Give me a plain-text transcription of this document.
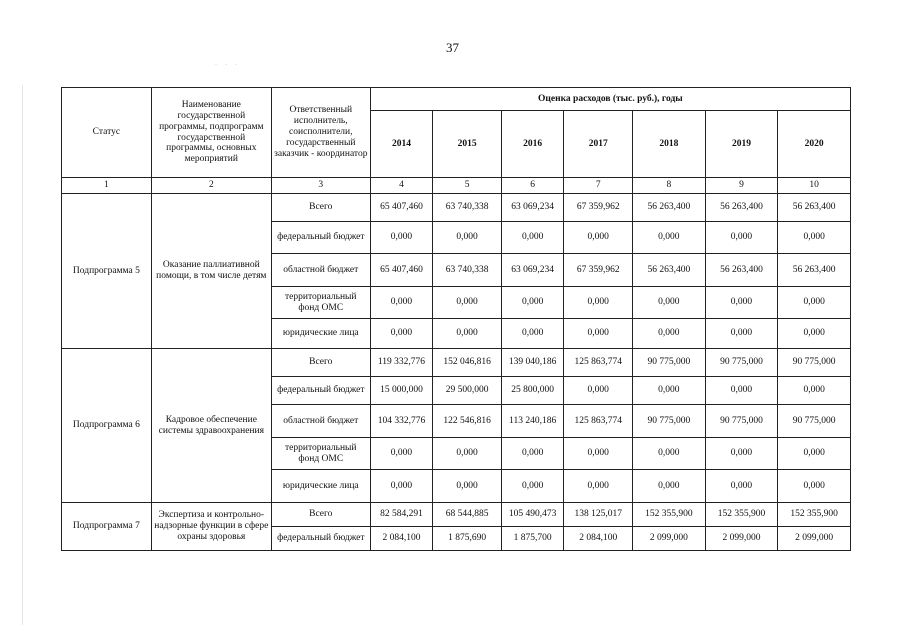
. . .
37
Статус	Наименование государственной программы, подпрограмм государственной программы, основных мероприятий	Ответственный исполнитель, соисполнители, государственный заказчик - координатор	Оценка расходов (тыс. руб.), годы						
			2014	2015	2016	2017	2018	2019	2020
1	2	3	4	5	6	7	8	9	10
Подпрограмма 5	Оказание паллиативной помощи, в том числе детям	Всего	65 407,460	63 740,338	63 069,234	67 359,962	56 263,400	56 263,400	56 263,400
		федеральный бюджет	0,000	0,000	0,000	0,000	0,000	0,000	0,000
		областной бюджет	65 407,460	63 740,338	63 069,234	67 359,962	56 263,400	56 263,400	56 263,400
		территориальный фонд ОМС	0,000	0,000	0,000	0,000	0,000	0,000	0,000
		юридические лица	0,000	0,000	0,000	0,000	0,000	0,000	0,000
Подпрограмма 6	Кадровое обеспечение системы здравоохранения	Всего	119 332,776	152 046,816	139 040,186	125 863,774	90 775,000	90 775,000	90 775,000
		федеральный бюджет	15 000,000	29 500,000	25 800,000	0,000	0,000	0,000	0,000
		областной бюджет	104 332,776	122 546,816	113 240,186	125 863,774	90 775,000	90 775,000	90 775,000
		территориальный фонд ОМС	0,000	0,000	0,000	0,000	0,000	0,000	0,000
		юридические лица	0,000	0,000	0,000	0,000	0,000	0,000	0,000
Подпрограмма 7	Экспертиза и контрольно-надзорные функции в сфере охраны здоровья	Всего	82 584,291	68 544,885	105 490,473	138 125,017	152 355,900	152 355,900	152 355,900
		федеральный бюджет	2 084,100	1 875,690	1 875,700	2 084,100	2 099,000	2 099,000	2 099,000
